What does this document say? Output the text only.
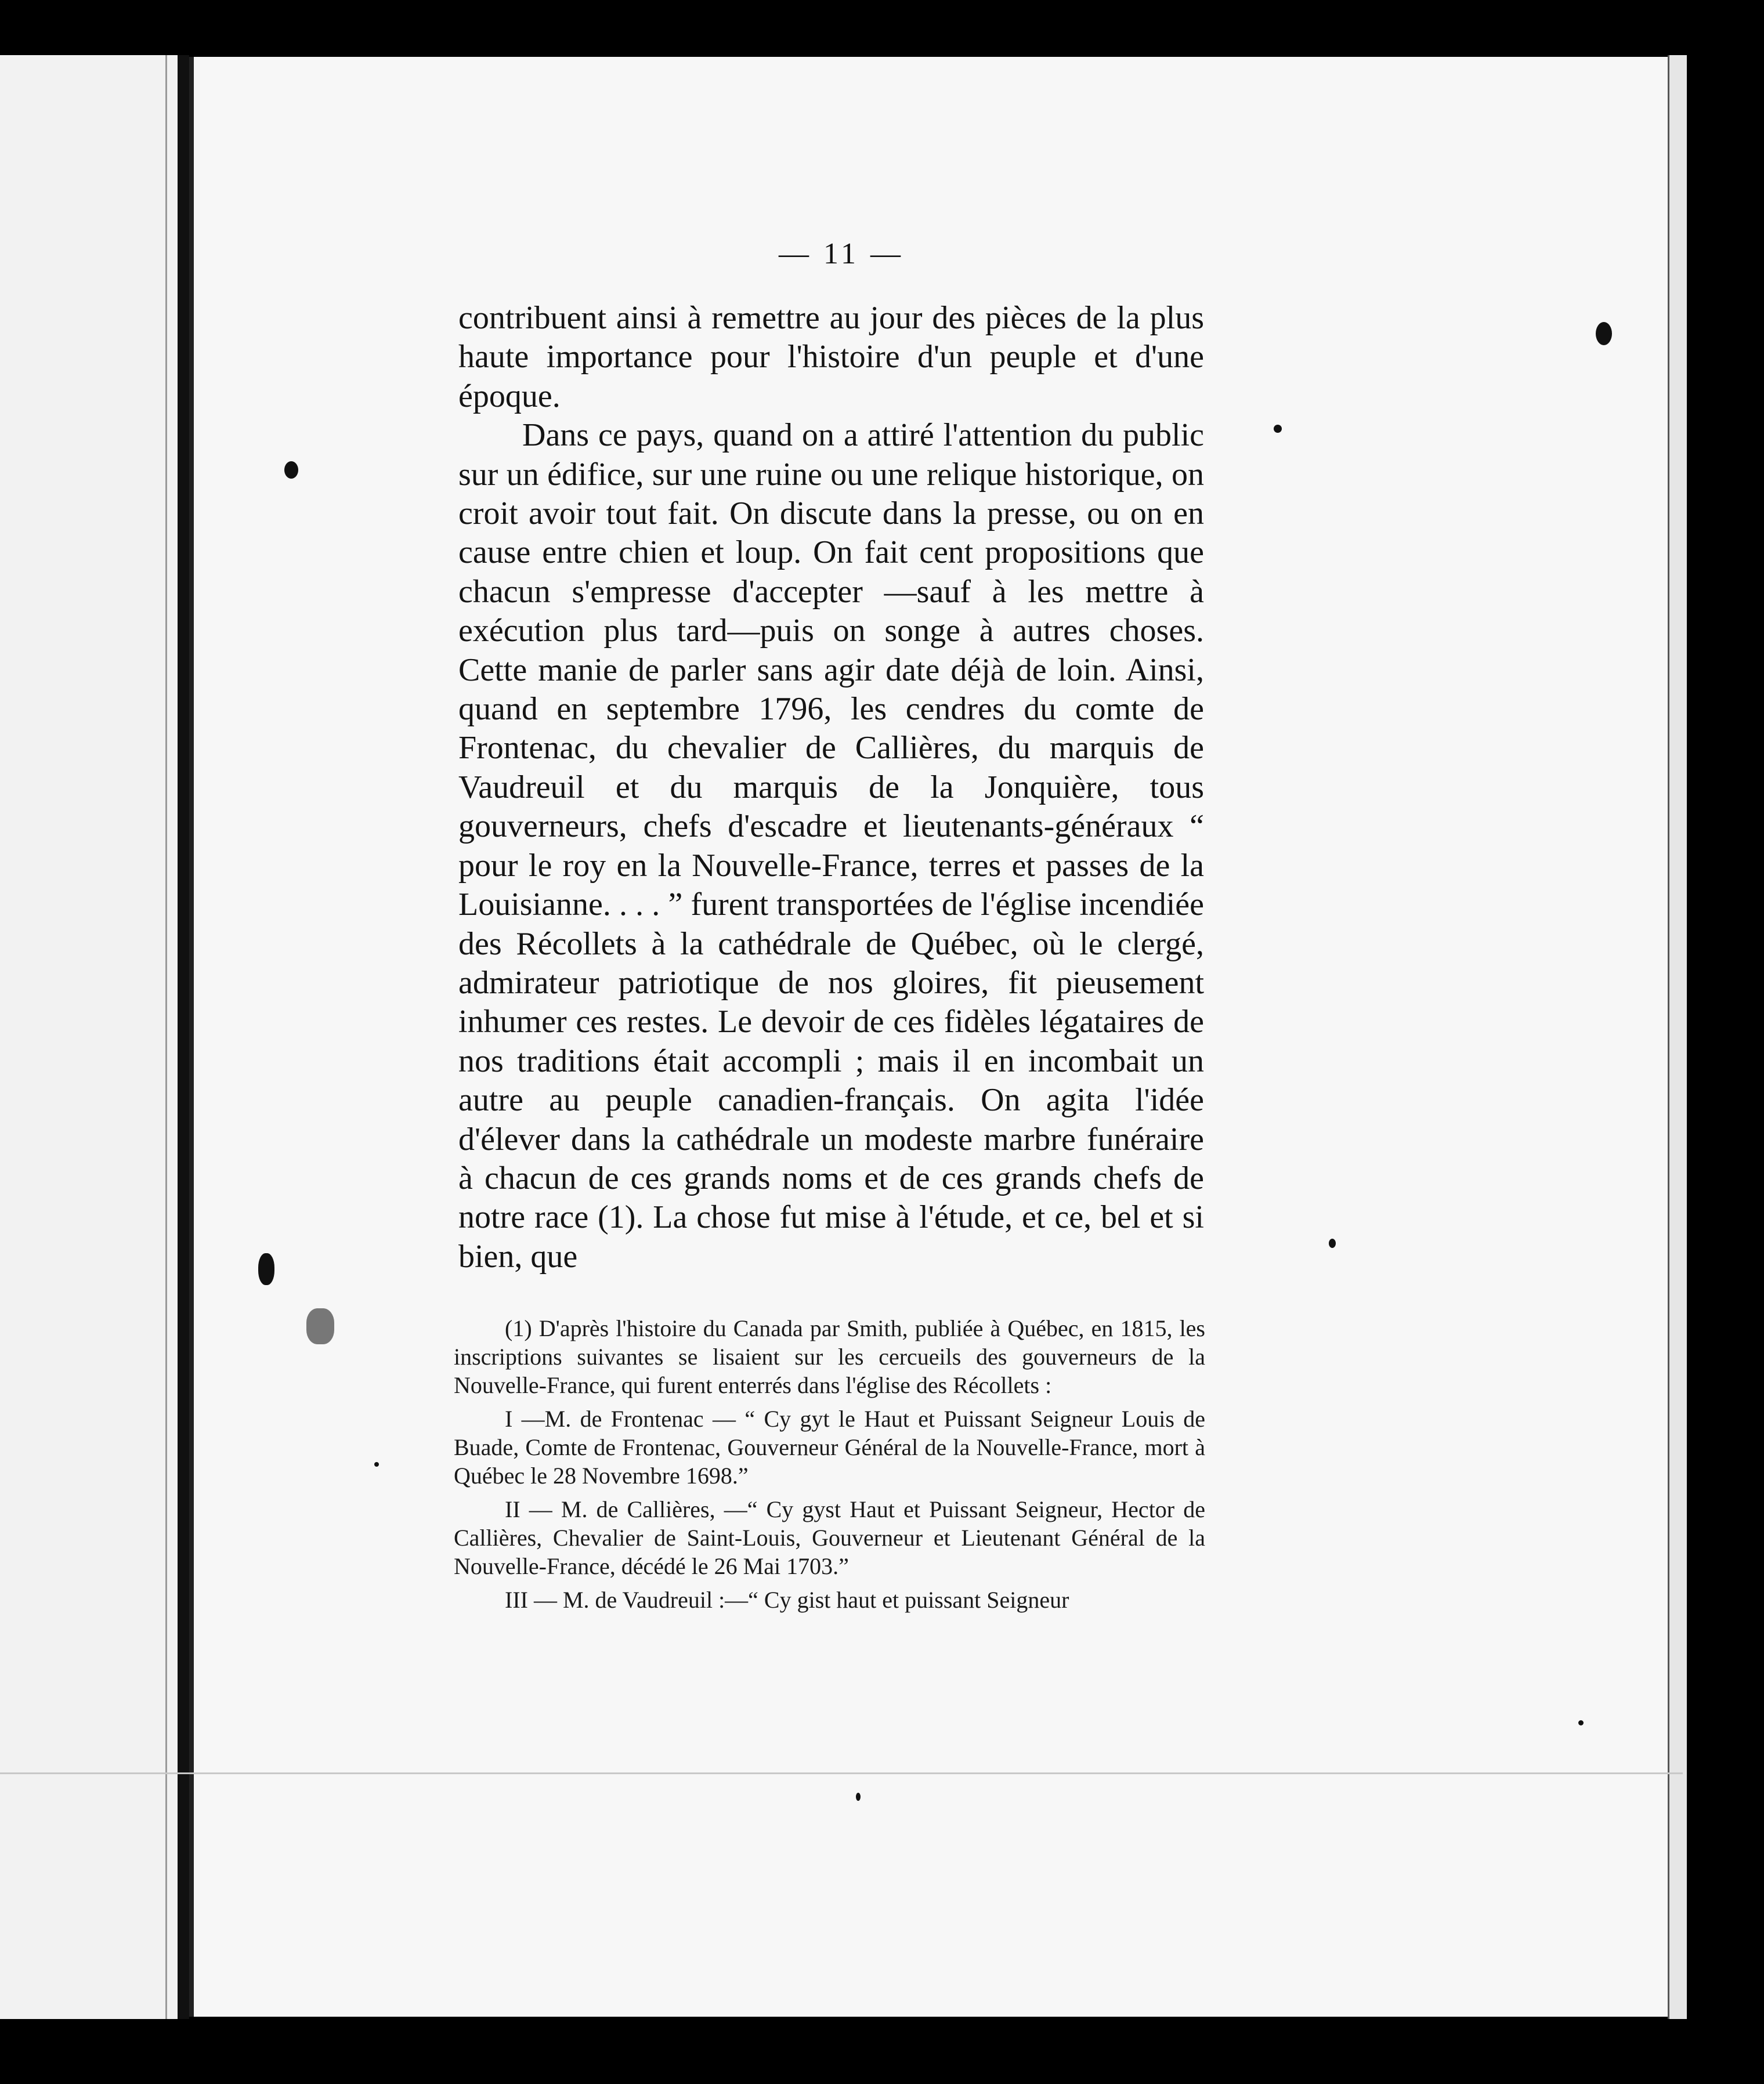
— 11 —

contribuent ainsi à remettre au jour des pièces de la plus haute importance pour l'histoire d'un peuple et d'une époque.

Dans ce pays, quand on a attiré l'attention du public sur un édifice, sur une ruine ou une relique historique, on croit avoir tout fait. On discute dans la presse, ou on en cause entre chien et loup. On fait cent propositions que chacun s'empresse d'accepter —sauf à les mettre à exécution plus tard—puis on songe à autres choses. Cette manie de parler sans agir date déjà de loin. Ainsi, quand en septembre 1796, les cendres du comte de Frontenac, du chevalier de Callières, du marquis de Vaudreuil et du marquis de la Jonquière, tous gouverneurs, chefs d'escadre et lieutenants-généraux “ pour le roy en la Nouvelle-France, terres et passes de la Louisianne. . . . ” furent transportées de l'église incendiée des Récollets à la cathédrale de Québec, où le clergé, admirateur patriotique de nos gloires, fit pieusement inhumer ces restes. Le devoir de ces fidèles légataires de nos traditions était accompli ; mais il en incombait un autre au peuple canadien-français. On agita l'idée d'élever dans la cathédrale un modeste marbre funéraire à chacun de ces grands noms et de ces grands chefs de notre race (1). La chose fut mise à l'étude, et ce, bel et si bien, que

(1) D'après l'histoire du Canada par Smith, publiée à Québec, en 1815, les inscriptions suivantes se lisaient sur les cercueils des gouverneurs de la Nouvelle-France, qui furent enterrés dans l'église des Récollets :

I —M. de Frontenac — “ Cy gyt le Haut et Puissant Seigneur Louis de Buade, Comte de Frontenac, Gouverneur Général de la Nouvelle-France, mort à Québec le 28 Novembre 1698.”

II — M. de Callières, —“ Cy gyst Haut et Puissant Seigneur, Hector de Callières, Chevalier de Saint-Louis, Gouverneur et Lieutenant Général de la Nouvelle-France, décédé le 26 Mai 1703.”

III — M. de Vaudreuil :—“ Cy gist haut et puissant Seigneur
